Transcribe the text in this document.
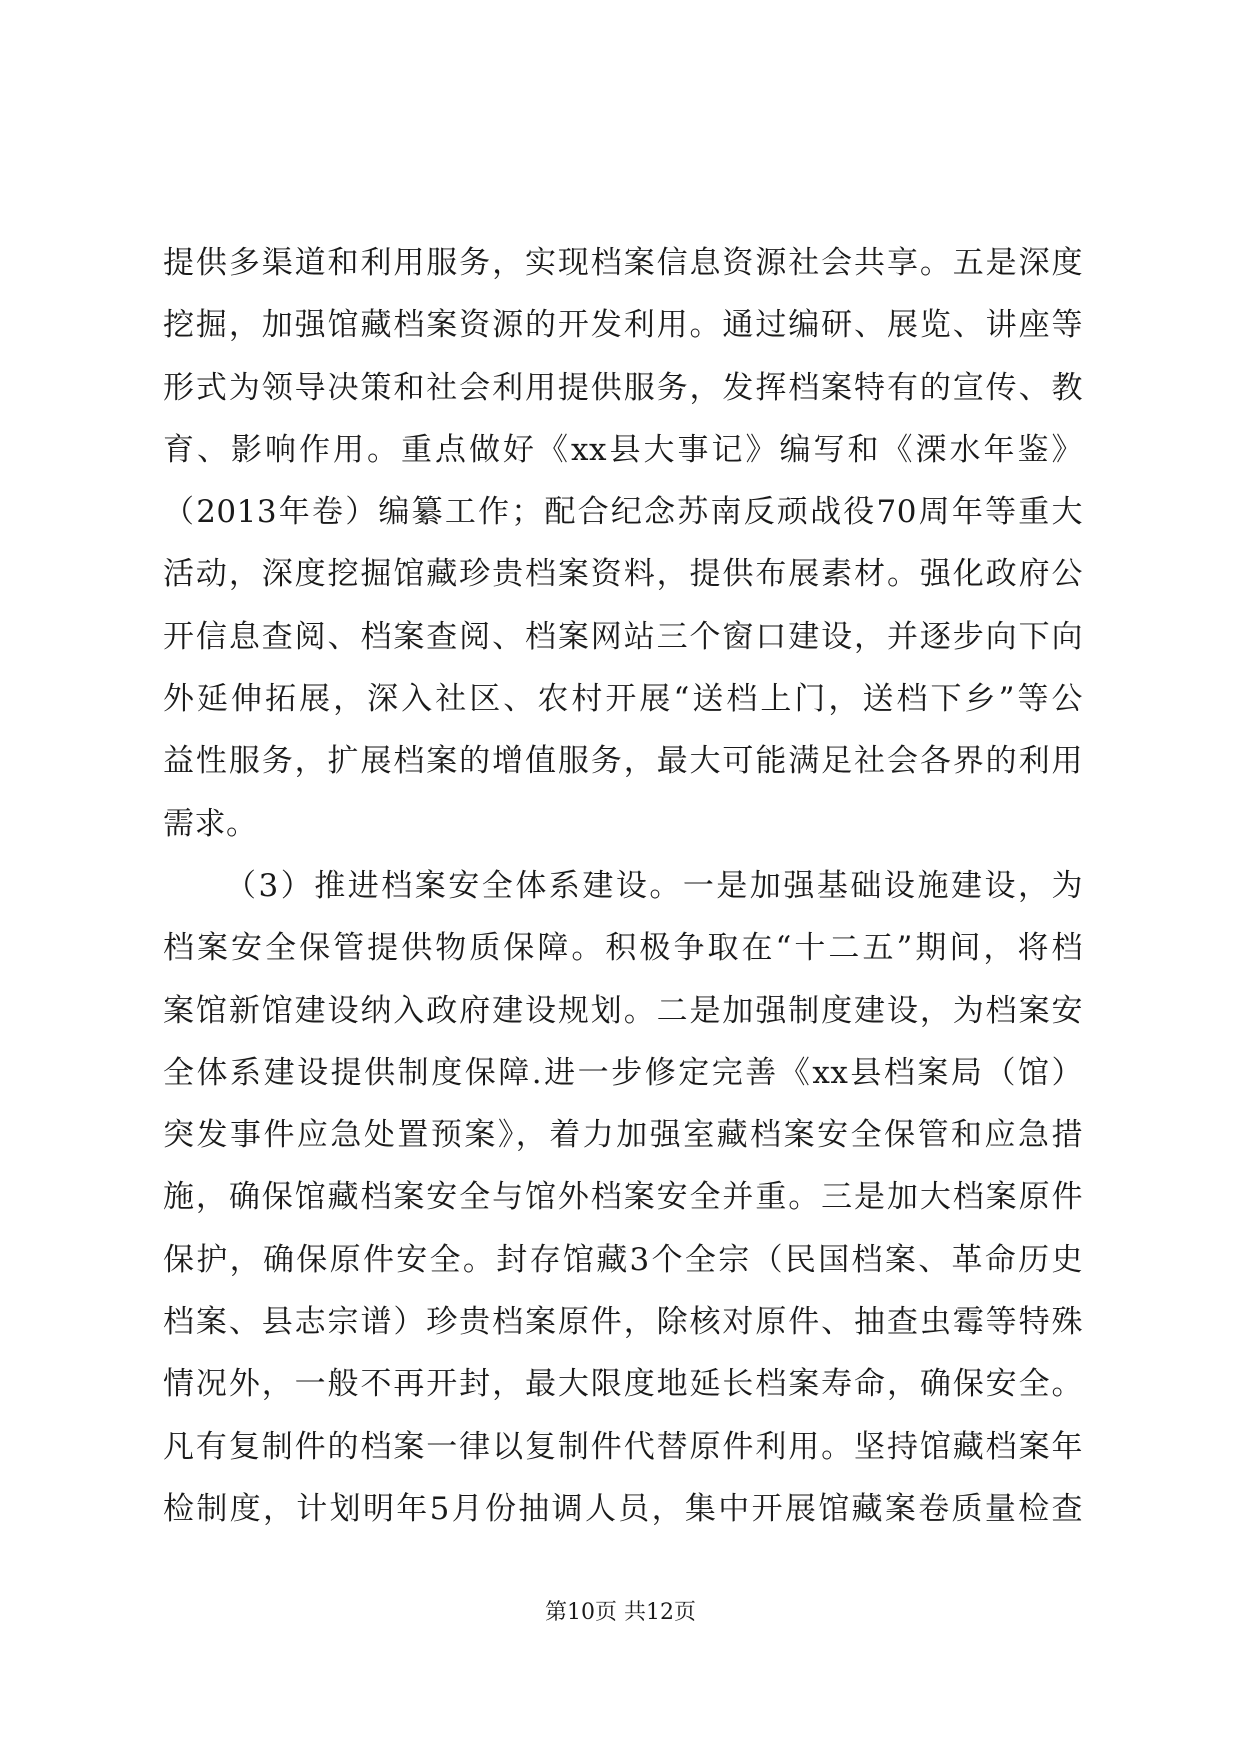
提供多渠道和利用服务，实现档案信息资源社会共享。五是深度
挖掘，加强馆藏档案资源的开发利用。通过编研、展览、讲座等
形式为领导决策和社会利用提供服务，发挥档案特有的宣传、教
育、影响作用。重点做好《xx县大事记》编写和《溧水年鉴》
（2013年卷）编纂工作；配合纪念苏南反顽战役70周年等重大
活动，深度挖掘馆藏珍贵档案资料，提供布展素材。强化政府公
开信息查阅、档案查阅、档案网站三个窗口建设，并逐步向下向
外延伸拓展，深入社区、农村开展“送档上门，送档下乡”等公
益性服务，扩展档案的增值服务，最大可能满足社会各界的利用
需求。
（3）推进档案安全体系建设。一是加强基础设施建设，为
档案安全保管提供物质保障。积极争取在“十二五”期间，将档
案馆新馆建设纳入政府建设规划。二是加强制度建设，为档案安
全体系建设提供制度保障.进一步修定完善《xx县档案局（馆）
突发事件应急处置预案》，着力加强室藏档案安全保管和应急措
施，确保馆藏档案安全与馆外档案安全并重。三是加大档案原件
保护，确保原件安全。封存馆藏3个全宗（民国档案、革命历史
档案、县志宗谱）珍贵档案原件，除核对原件、抽查虫霉等特殊
情况外，一般不再开封，最大限度地延长档案寿命，确保安全。
凡有复制件的档案一律以复制件代替原件利用。坚持馆藏档案年
检制度，计划明年5月份抽调人员，集中开展馆藏案卷质量检查
第10页 共12页
